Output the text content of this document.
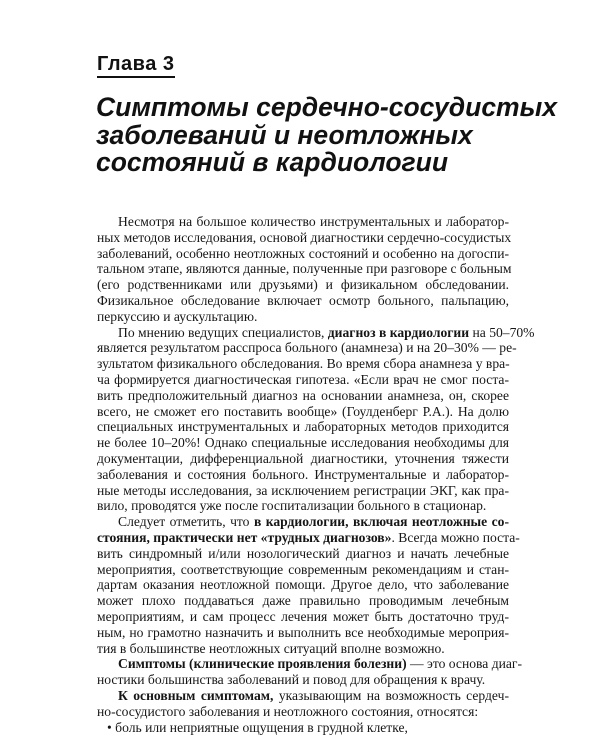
Глава 3
Симптомы сердечно-сосудистых
заболеваний и неотложных
состояний в кардиологии
Несмотря на большое количество инструментальных и лаборатор-
ных методов исследования, основой диагностики сердечно-сосудистых
заболеваний, особенно неотложных состояний и особенно на догоспи-
тальном этапе, являются данные, полученные при разговоре с больным
(его родственниками или друзьями) и физикальном обследовании.
Физикальное обследование включает осмотр больного, пальпацию,
перкуссию и аускультацию.
По мнению ведущих специалистов, диагноз в кардиологии на 50–70%
является результатом расспроса больного (анамнеза) и на 20–30% — ре-
зультатом физикального обследования. Во время сбора анамнеза у вра-
ча формируется диагностическая гипотеза. «Если врач не смог поста-
вить предположительный диагноз на основании анамнеза, он, скорее
всего, не сможет его поставить вообще» (Гоулденберг Р.А.). На долю
специальных инструментальных и лабораторных методов приходится
не более 10–20%! Однако специальные исследования необходимы для
документации, дифференциальной диагностики, уточнения тяжести
заболевания и состояния больного. Инструментальные и лаборатор-
ные методы исследования, за исключением регистрации ЭКГ, как пра-
вило, проводятся уже после госпитализации больного в стационар.
Следует отметить, что в кардиологии, включая неотложные со-
стояния, практически нет «трудных диагнозов». Всегда можно поста-
вить синдромный и/или нозологический диагноз и начать лечебные
мероприятия, соответствующие современным рекомендациям и стан-
дартам оказания неотложной помощи. Другое дело, что заболевание
может плохо поддаваться даже правильно проводимым лечебным
мероприятиям, и сам процесс лечения может быть достаточно труд-
ным, но грамотно назначить и выполнить все необходимые мероприя-
тия в большинстве неотложных ситуаций вполне возможно.
Симптомы (клинические проявления болезни) — это основа диаг-
ностики большинства заболеваний и повод для обращения к врачу.
К основным симптомам, указывающим на возможность сердеч-
но-сосудистого заболевания и неотложного состояния, относятся:
• боль или неприятные ощущения в грудной клетке,
